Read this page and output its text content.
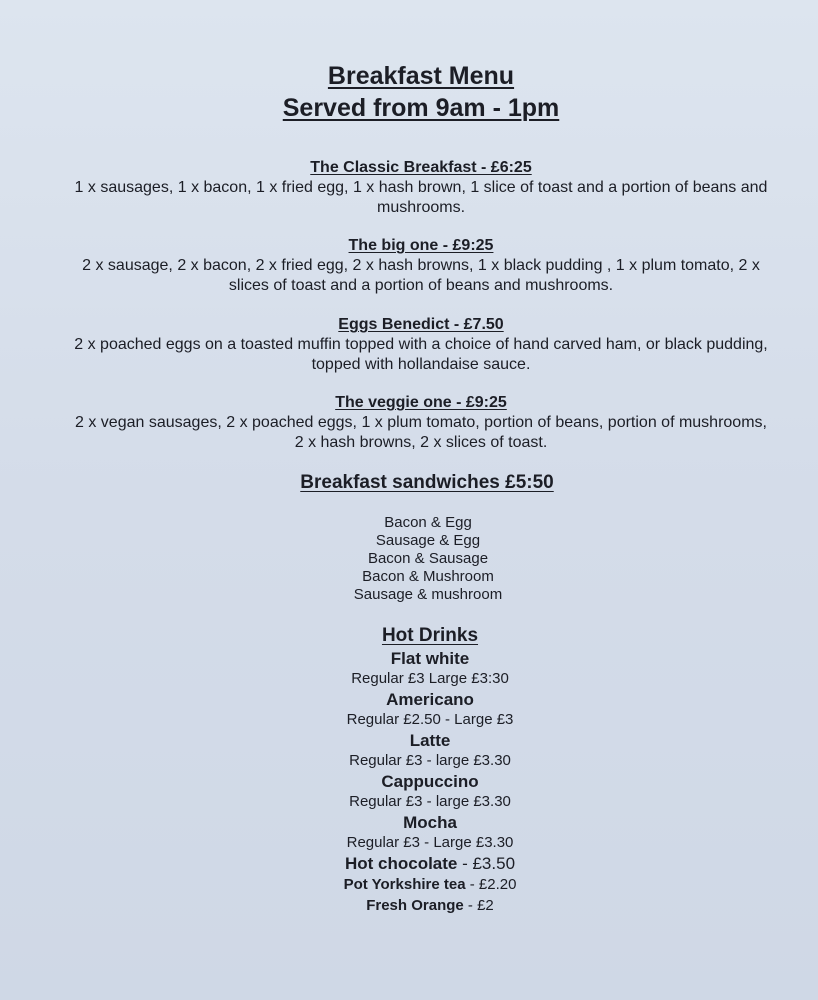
Breakfast Menu
Served from 9am - 1pm
The Classic Breakfast - £6:25
1 x sausages, 1 x bacon, 1 x fried egg, 1 x hash brown, 1 slice of toast and a portion of beans and mushrooms.
The big one - £9:25
2 x sausage, 2 x bacon, 2 x fried egg, 2 x hash browns, 1 x black pudding , 1 x plum tomato, 2 x slices of toast and a portion of beans and mushrooms.
Eggs Benedict - £7.50
2 x poached eggs on a toasted muffin topped with a choice of hand carved ham, or black pudding, topped with hollandaise sauce.
The veggie one - £9:25
2 x vegan sausages, 2 x poached eggs, 1 x plum tomato, portion of beans, portion of mushrooms, 2 x hash browns, 2 x slices of toast.
Breakfast sandwiches £5:50
Bacon & Egg
Sausage & Egg
Bacon & Sausage
Bacon & Mushroom
Sausage & mushroom
Hot Drinks
Flat white
Regular £3 Large £3:30
Americano
Regular £2.50 - Large £3
Latte
Regular £3 - large £3.30
Cappuccino
Regular £3 - large £3.30
Mocha
Regular £3 - Large £3.30
Hot chocolate - £3.50
Pot Yorkshire tea - £2.20
Fresh Orange - £2
